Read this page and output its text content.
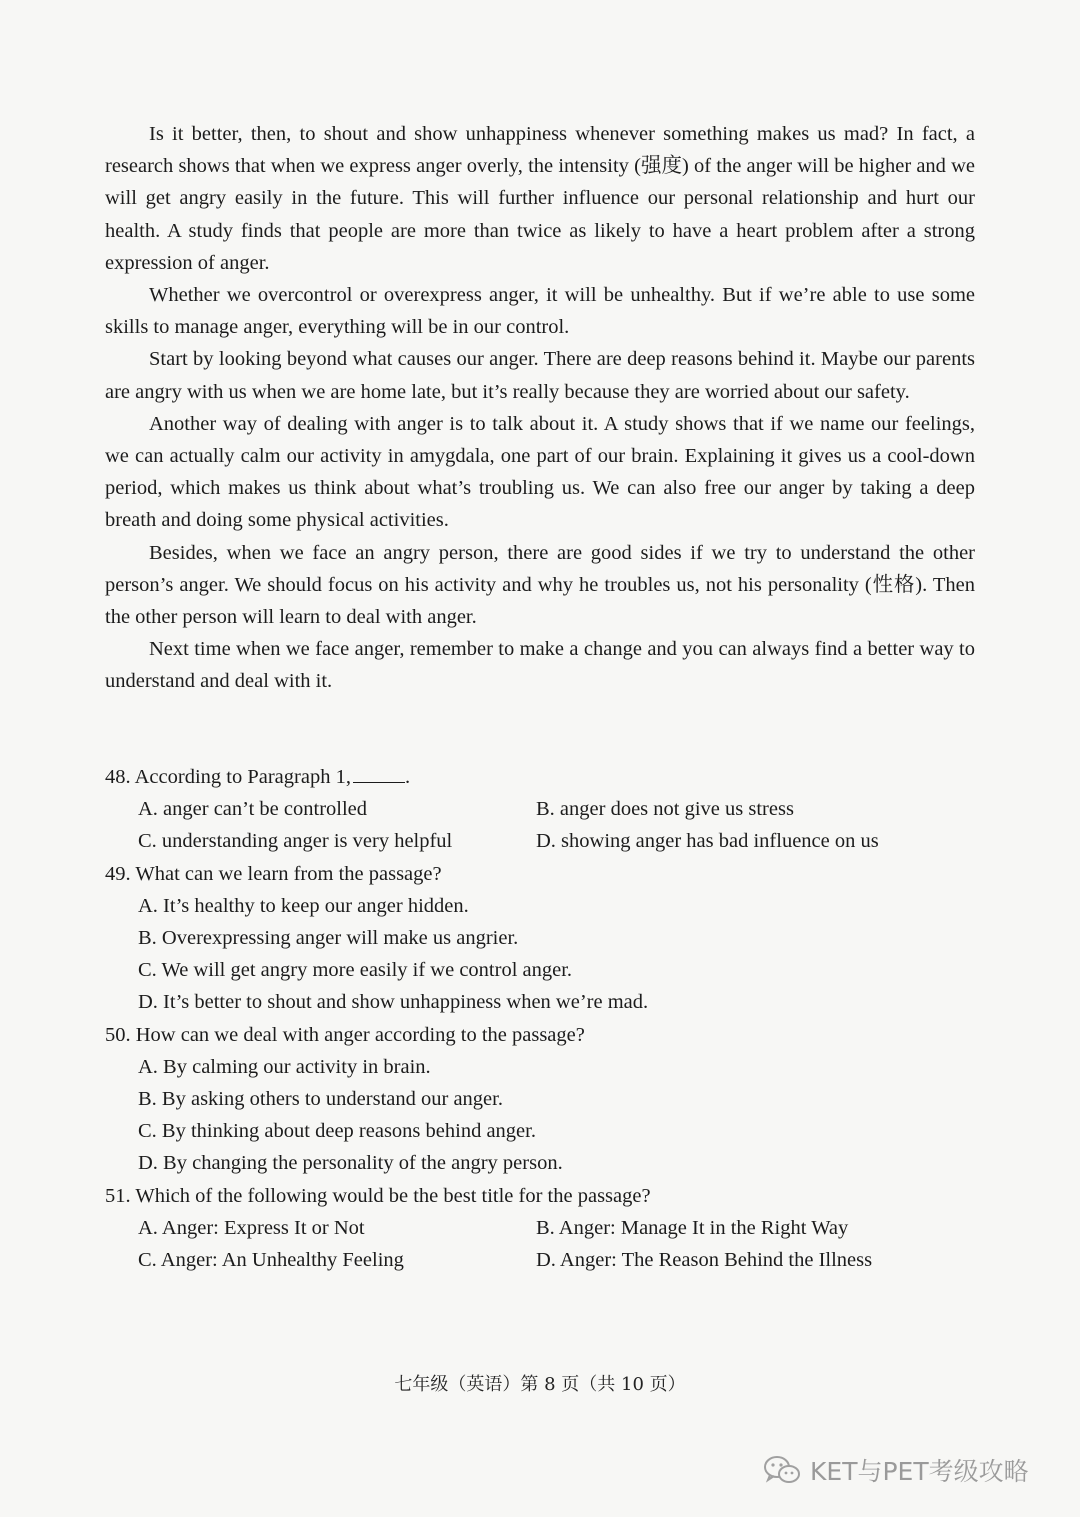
Is it better, then, to shout and show unhappiness whenever something makes us mad? In fact, a research shows that when we express anger overly, the intensity (强度) of the anger will be higher and we will get angry easily in the future. This will further influence our personal relationship and hurt our health. A study finds that people are more than twice as likely to have a heart problem after a strong expression of anger.

Whether we overcontrol or overexpress anger, it will be unhealthy. But if we’re able to use some skills to manage anger, everything will be in our control.

Start by looking beyond what causes our anger. There are deep reasons behind it. Maybe our parents are angry with us when we are home late, but it’s really because they are worried about our safety.

Another way of dealing with anger is to talk about it. A study shows that if we name our feelings, we can actually calm our activity in amygdala, one part of our brain. Explaining it gives us a cool-down period, which makes us think about what’s troubling us. We can also free our anger by taking a deep breath and doing some physical activities.

Besides, when we face an angry person, there are good sides if we try to understand the other person’s anger. We should focus on his activity and why he troubles us, not his personality (性格). Then the other person will learn to deal with anger.

Next time when we face anger, remember to make a change and you can always find a better way to understand and deal with it.

48. According to Paragraph 1,	.
A. anger can’t be controlled	B. anger does not give us stress
C. understanding anger is very helpful	D. showing anger has bad influence on us
49. What can we learn from the passage?
A. It’s healthy to keep our anger hidden.
B. Overexpressing anger will make us angrier.
C. We will get angry more easily if we control anger.
D. It’s better to shout and show unhappiness when we’re mad.
50. How can we deal with anger according to the passage?
A. By calming our activity in brain.
B. By asking others to understand our anger.
C. By thinking about deep reasons behind anger.
D. By changing the personality of the angry person.
51. Which of the following would be the best title for the passage?
A. Anger: Express It or Not	B. Anger: Manage It in the Right Way
C. Anger: An Unhealthy Feeling	D. Anger: The Reason Behind the Illness
七年级（英语）第 8 页（共 10 页）
KET与PET考级攻略
